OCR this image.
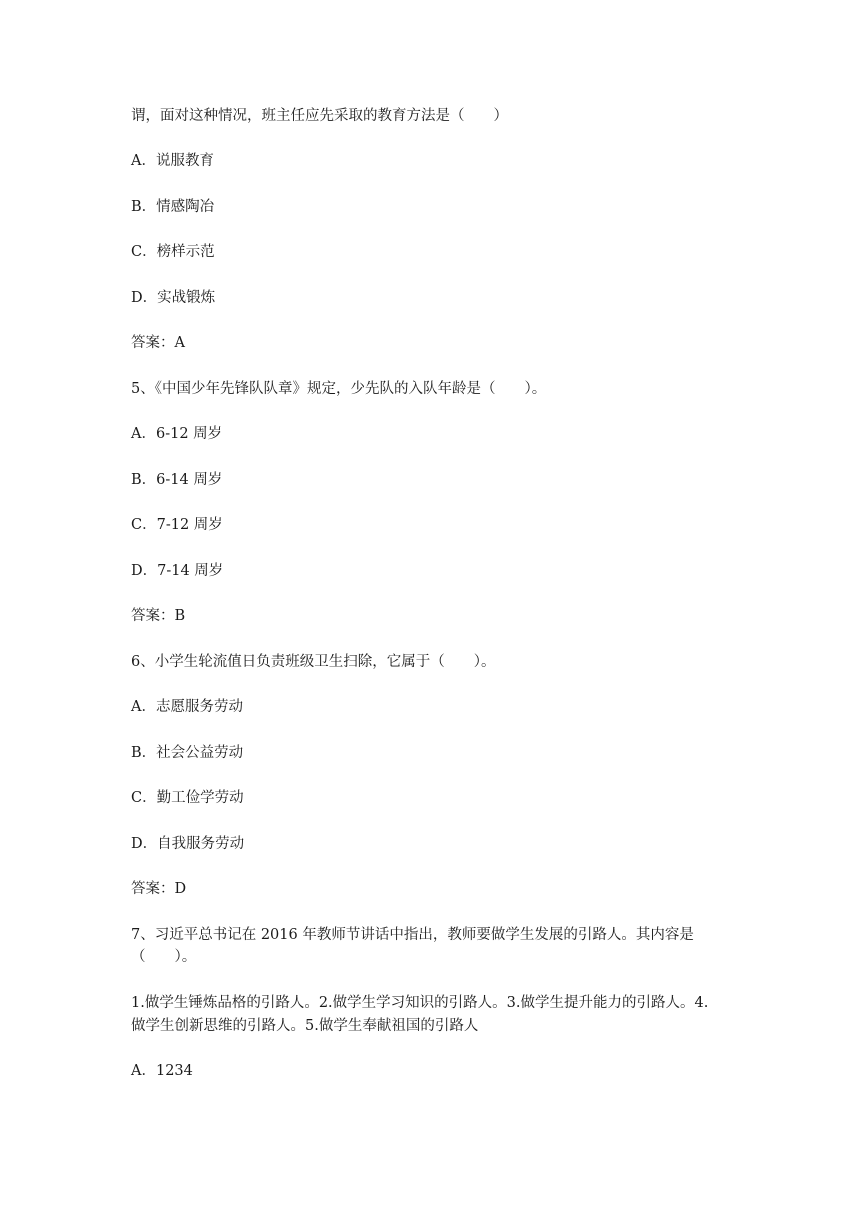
谓，面对这种情况，班主任应先采取的教育方法是（　　）
A．说服教育
B．情感陶冶
C．榜样示范
D．实战锻炼
答案：A
5、《中国少年先锋队队章》规定，少先队的入队年龄是（　　）。
A．6-12 周岁
B．6-14 周岁
C．7-12 周岁
D．7-14 周岁
答案：B
6、小学生轮流值日负责班级卫生扫除，它属于（　　）。
A．志愿服务劳动
B．社会公益劳动
C．勤工俭学劳动
D．自我服务劳动
答案：D
7、习近平总书记在 2016 年教师节讲话中指出，教师要做学生发展的引路人。其内容是
（　　）。
1.做学生锤炼品格的引路人。2.做学生学习知识的引路人。3.做学生提升能力的引路人。4.
做学生创新思维的引路人。5.做学生奉献祖国的引路人
A．1234
